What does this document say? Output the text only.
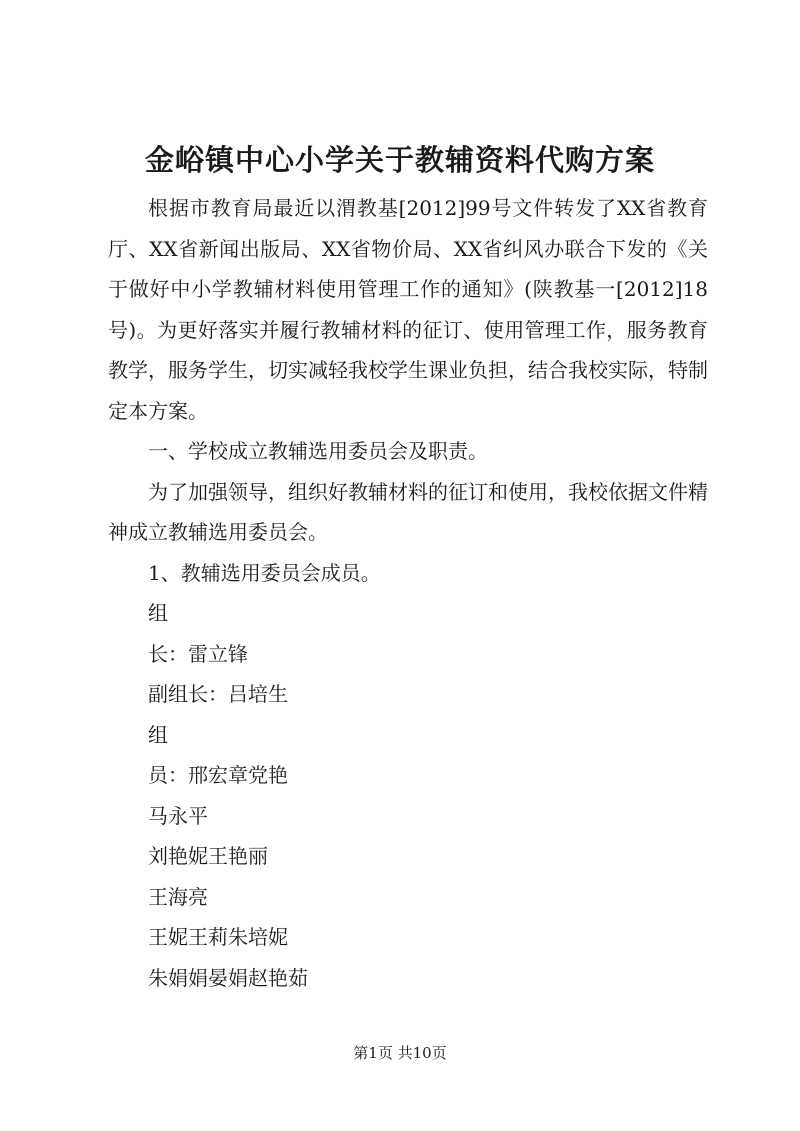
金峪镇中心小学关于教辅资料代购方案

根据市教育局最近以渭教基[2012]99号文件转发了XX省教育厅、XX省新闻出版局、XX省物价局、XX省纠风办联合下发的《关于做好中小学教辅材料使用管理工作的通知》(陕教基一[2012]18号)。为更好落实并履行教辅材料的征订、使用管理工作，服务教育教学，服务学生，切实减轻我校学生课业负担，结合我校实际，特制定本方案。

一、学校成立教辅选用委员会及职责。

为了加强领导，组织好教辅材料的征订和使用，我校依据文件精神成立教辅选用委员会。

1、教辅选用委员会成员。

组

长：雷立锋

副组长：吕培生

组

员：邢宏章党艳

马永平

刘艳妮王艳丽

王海亮

王妮王莉朱培妮

朱娟娟晏娟赵艳茹

第1页 共10页
